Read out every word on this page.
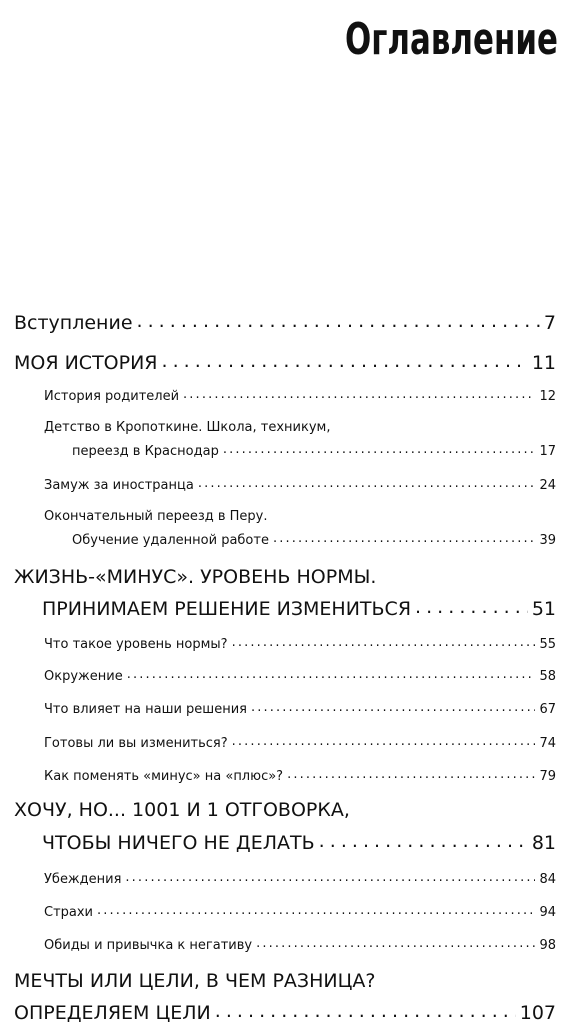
Оглавление
Вступление . . .	7
МОЯ ИСТОРИЯ . . .	11
История родителей . . .	12
Детство в Кропоткине. Школа, техникум,
переезд в Краснодар . . .	17
Замуж за иностранца . . .	24
Окончательный переезд в Перу.
Обучение удаленной работе . . .	39
ЖИЗНЬ-«МИНУС». УРОВЕНЬ НОРМЫ.
ПРИНИМАЕМ РЕШЕНИЕ ИЗМЕНИТЬСЯ . . .	51
Что такое уровень нормы? . . .	55
Окружение . . .	58
Что влияет на наши решения . . .	67
Готовы ли вы измениться? . . .	74
Как поменять «минус» на «плюс»? . . .	79
ХОЧУ, НО... 1001 И 1 ОТГОВОРКА,
ЧТОБЫ НИЧЕГО НЕ ДЕЛАТЬ . . .	81
Убеждения . . .	84
Страхи . . .	94
Обиды и привычка к негативу . . .	98
МЕЧТЫ ИЛИ ЦЕЛИ, В ЧЕМ РАЗНИЦА?
ОПРЕДЕЛЯЕМ ЦЕЛИ . . .	107
